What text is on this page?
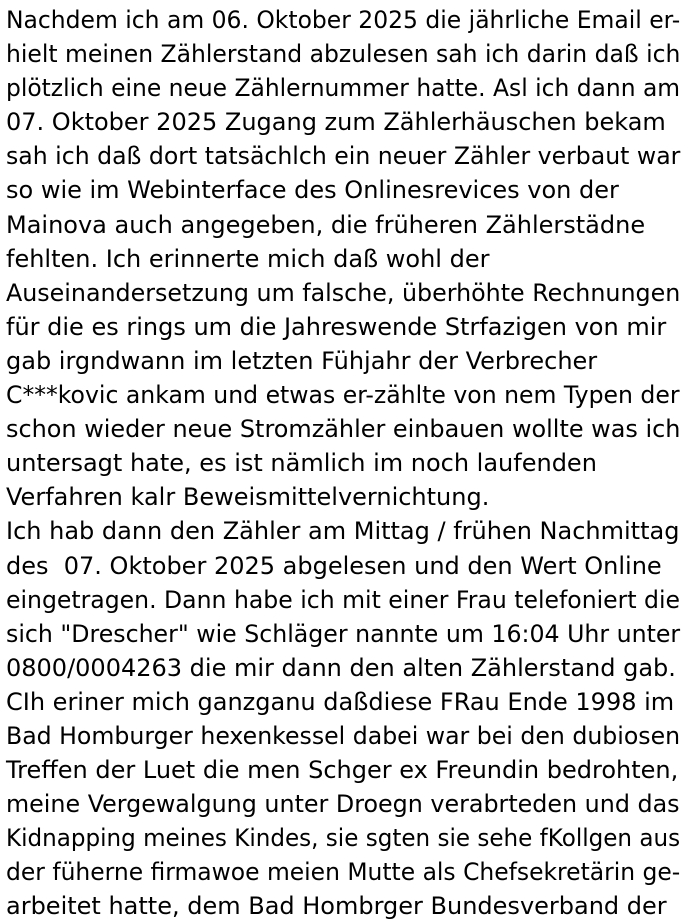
Nachdem ich am 06. Oktober 2025 die jährliche Email er-
hielt meinen Zählerstand abzulesen sah ich darin daß ich
plötzlich eine neue Zählernummer hatte. Asl ich dann am
07. Oktober 2025 Zugang zum Zählerhäuschen bekam
sah ich daß dort tatsächlch ein neuer Zähler verbaut war
so wie im Webinterface des Onlinesrevices von der
Mainova auch angegeben, die früheren Zählerstädne
fehlten. Ich erinnerte mich daß wohl der
Auseinandersetzung um falsche, überhöhte Rechnungen
für die es rings um die Jahreswende Strfazigen von mir
gab irgndwann im letzten Fühjahr der Verbrecher
C***kovic ankam und etwas er-zählte von nem Typen der
schon wieder neue Stromzähler einbauen wollte was ich
untersagt hate, es ist nämlich im noch laufenden
Verfahren kalr Beweismittelvernichtung.
Ich hab dann den Zähler am Mittag / frühen Nachmittag
des  07. Oktober 2025 abgelesen und den Wert Online
eingetragen. Dann habe ich mit einer Frau telefoniert die
sich "Drescher" wie Schläger nannte um 16:04 Uhr unter
0800/0004263 die mir dann den alten Zählerstand gab.
CIh eriner mich ganzganu daßdiese FRau Ende 1998 im
Bad Homburger hexenkessel dabei war bei den dubiosen
Treffen der Luet die men Schger ex Freundin bedrohten,
meine Vergewalgung unter Droegn verabrteden und das
Kidnapping meines Kindes, sie sgten sie sehe fKollgen aus
der füherne firmawoe meien Mutte als Chefsekretärin ge-
arbeitet hatte, dem Bad Hombrger Bundesverband der
